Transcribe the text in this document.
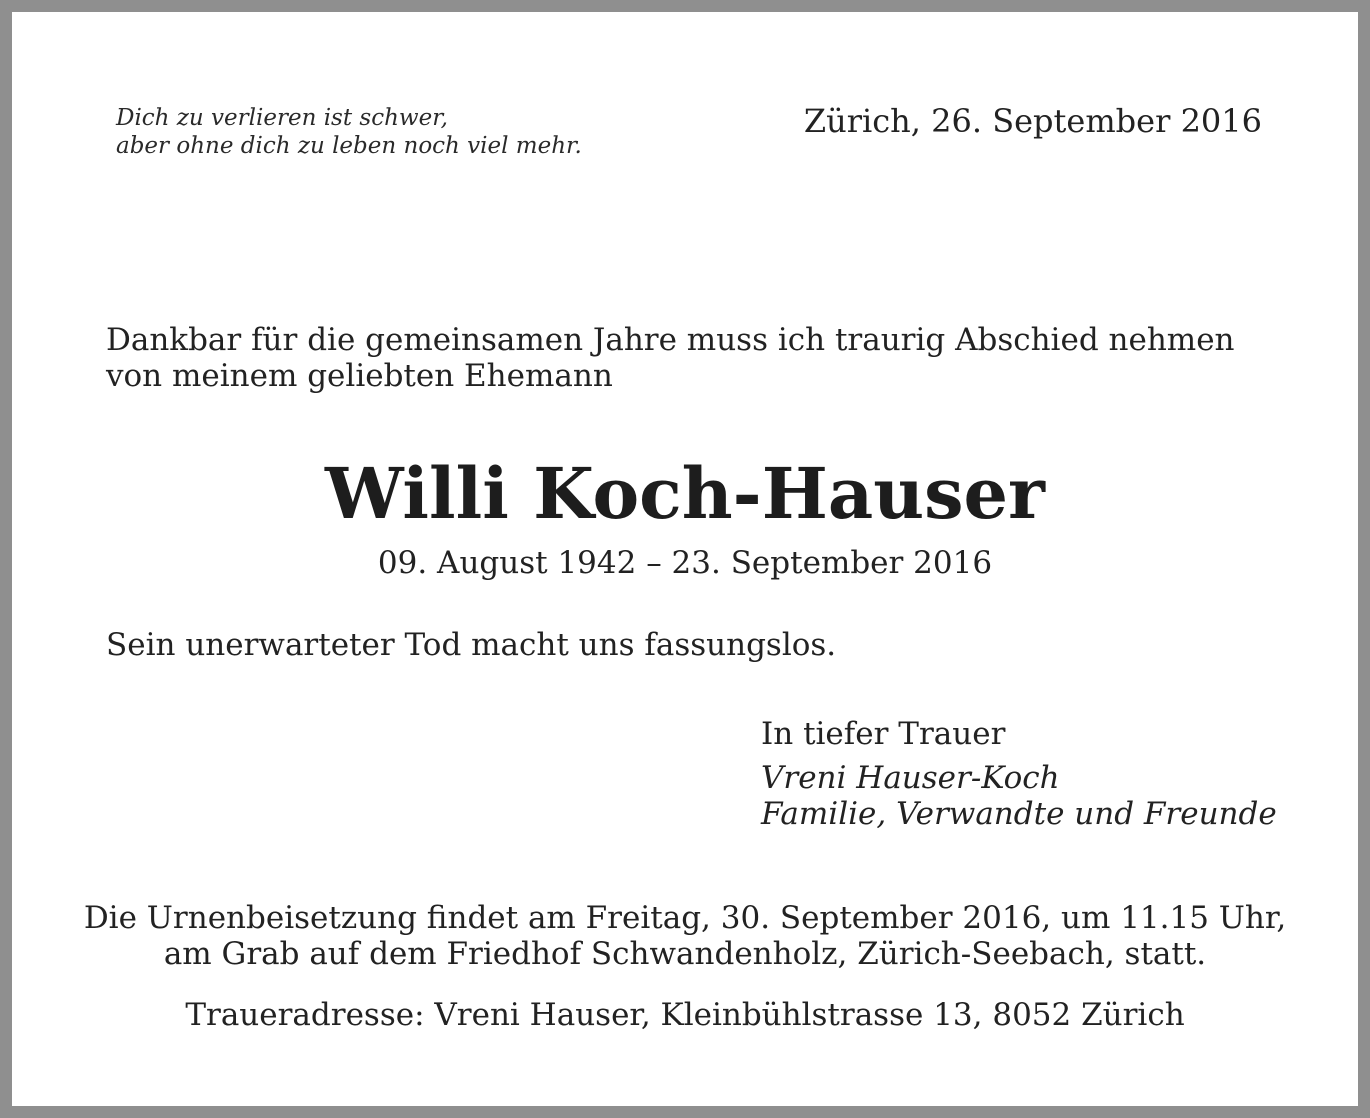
Dich zu verlieren ist schwer,
aber ohne dich zu leben noch viel mehr.
Zürich, 26. September 2016
Dankbar für die gemeinsamen Jahre muss ich traurig Abschied nehmen
von meinem geliebten Ehemann
Willi Koch-Hauser
09. August 1942 – 23. September 2016
Sein unerwarteter Tod macht uns fassungslos.
In tiefer Trauer
Vreni Hauser-Koch
Familie, Verwandte und Freunde
Die Urnenbeisetzung findet am Freitag, 30. September 2016, um 11.15 Uhr,
am Grab auf dem Friedhof Schwandenholz, Zürich-Seebach, statt.
Traueradresse: Vreni Hauser, Kleinbühlstrasse 13, 8052 Zürich
